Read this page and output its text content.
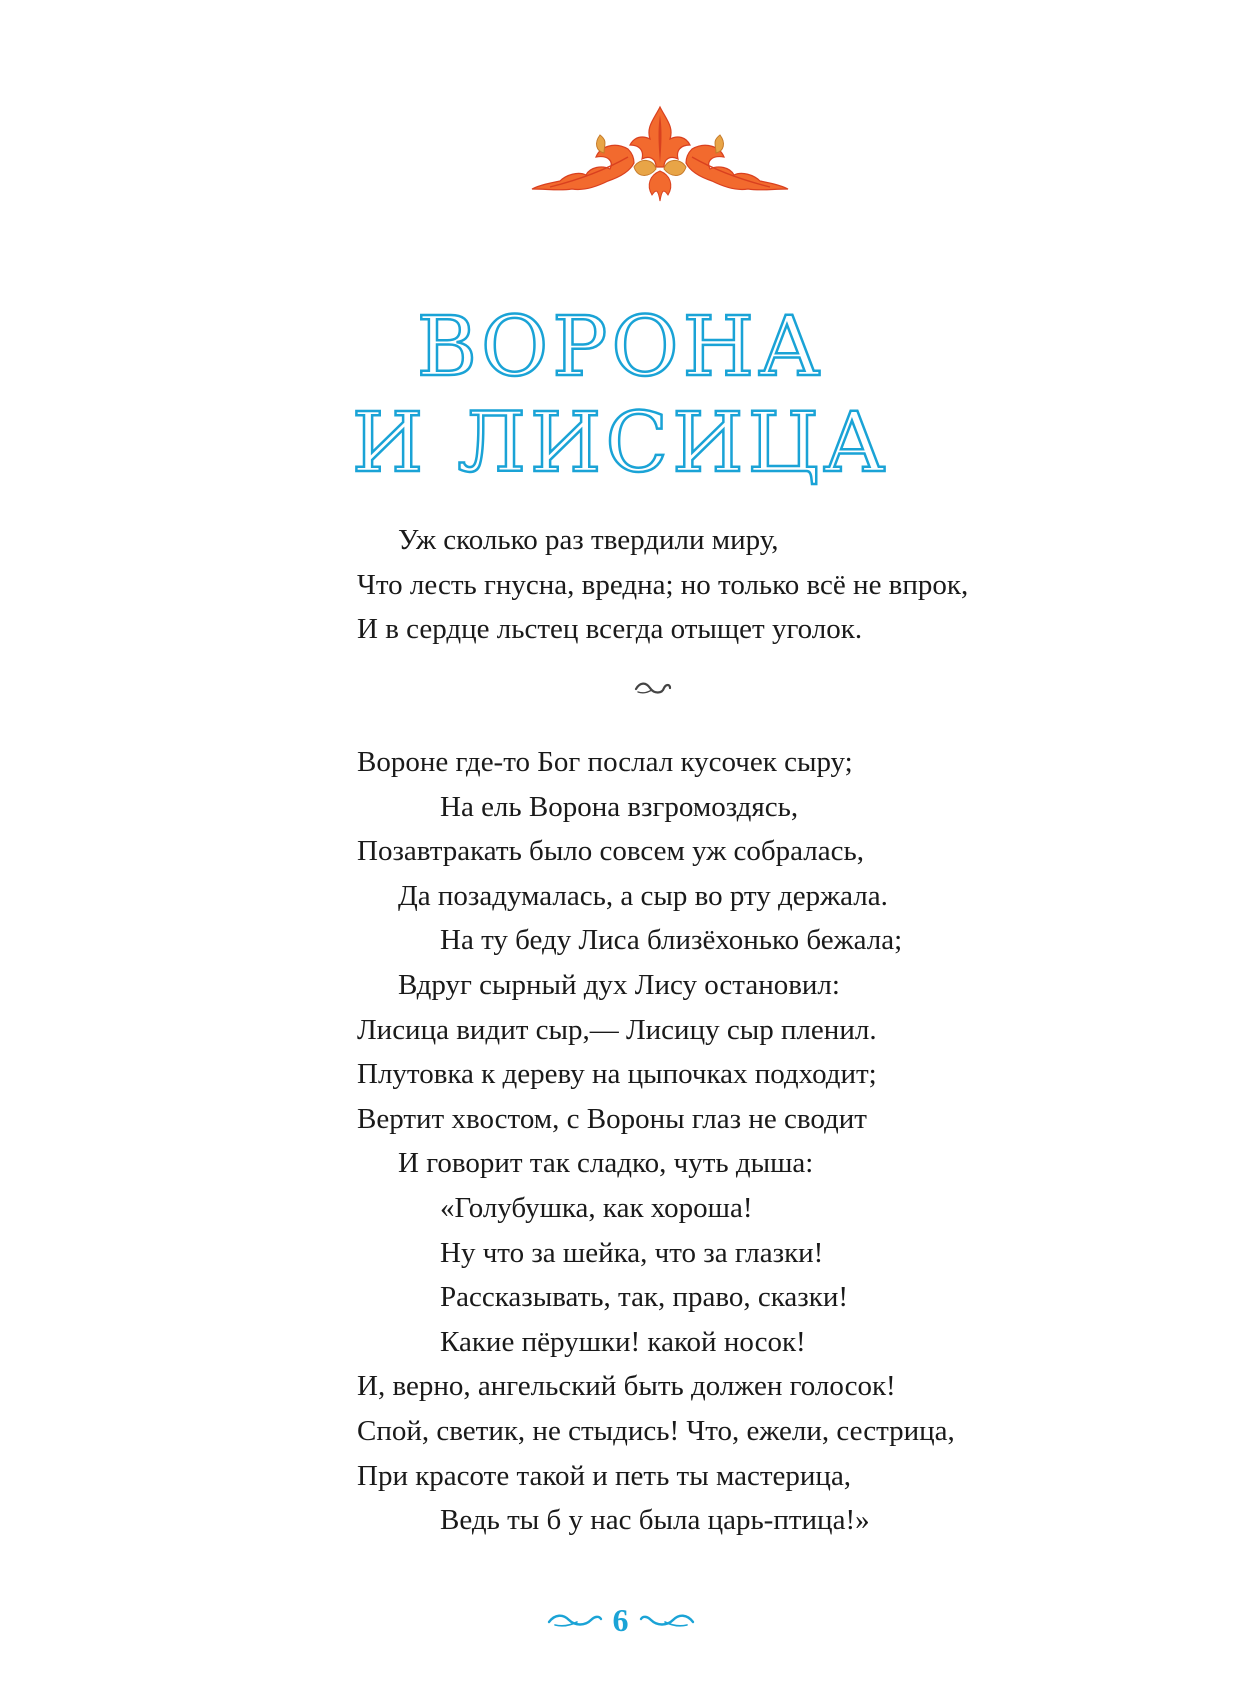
ВОРОНА
И ЛИСИЦА
Уж сколько раз твердили миру,
Что лесть гнусна, вредна; но только всё не впрок,
И в сердце льстец всегда отыщет уголок.
Вороне где-то Бог послал кусочек сыру;
На ель Ворона взгромоздясь,
Позавтракать было совсем уж собралась,
Да позадумалась, а сыр во рту держала.
На ту беду Лиса близёхонько бежала;
Вдруг сырный дух Лису остановил:
Лисица видит сыр,— Лисицу сыр пленил.
Плутовка к дереву на цыпочках подходит;
Вертит хвостом, с Вороны глаз не сводит
И говорит так сладко, чуть дыша:
«Голубушка, как хороша!
Ну что за шейка, что за глазки!
Рассказывать, так, право, сказки!
Какие пёрушки! какой носок!
И, верно, ангельский быть должен голосок!
Спой, светик, не стыдись! Что, ежели, сестрица,
При красоте такой и петь ты мастерица,
Ведь ты б у нас была царь-птица!»
6
